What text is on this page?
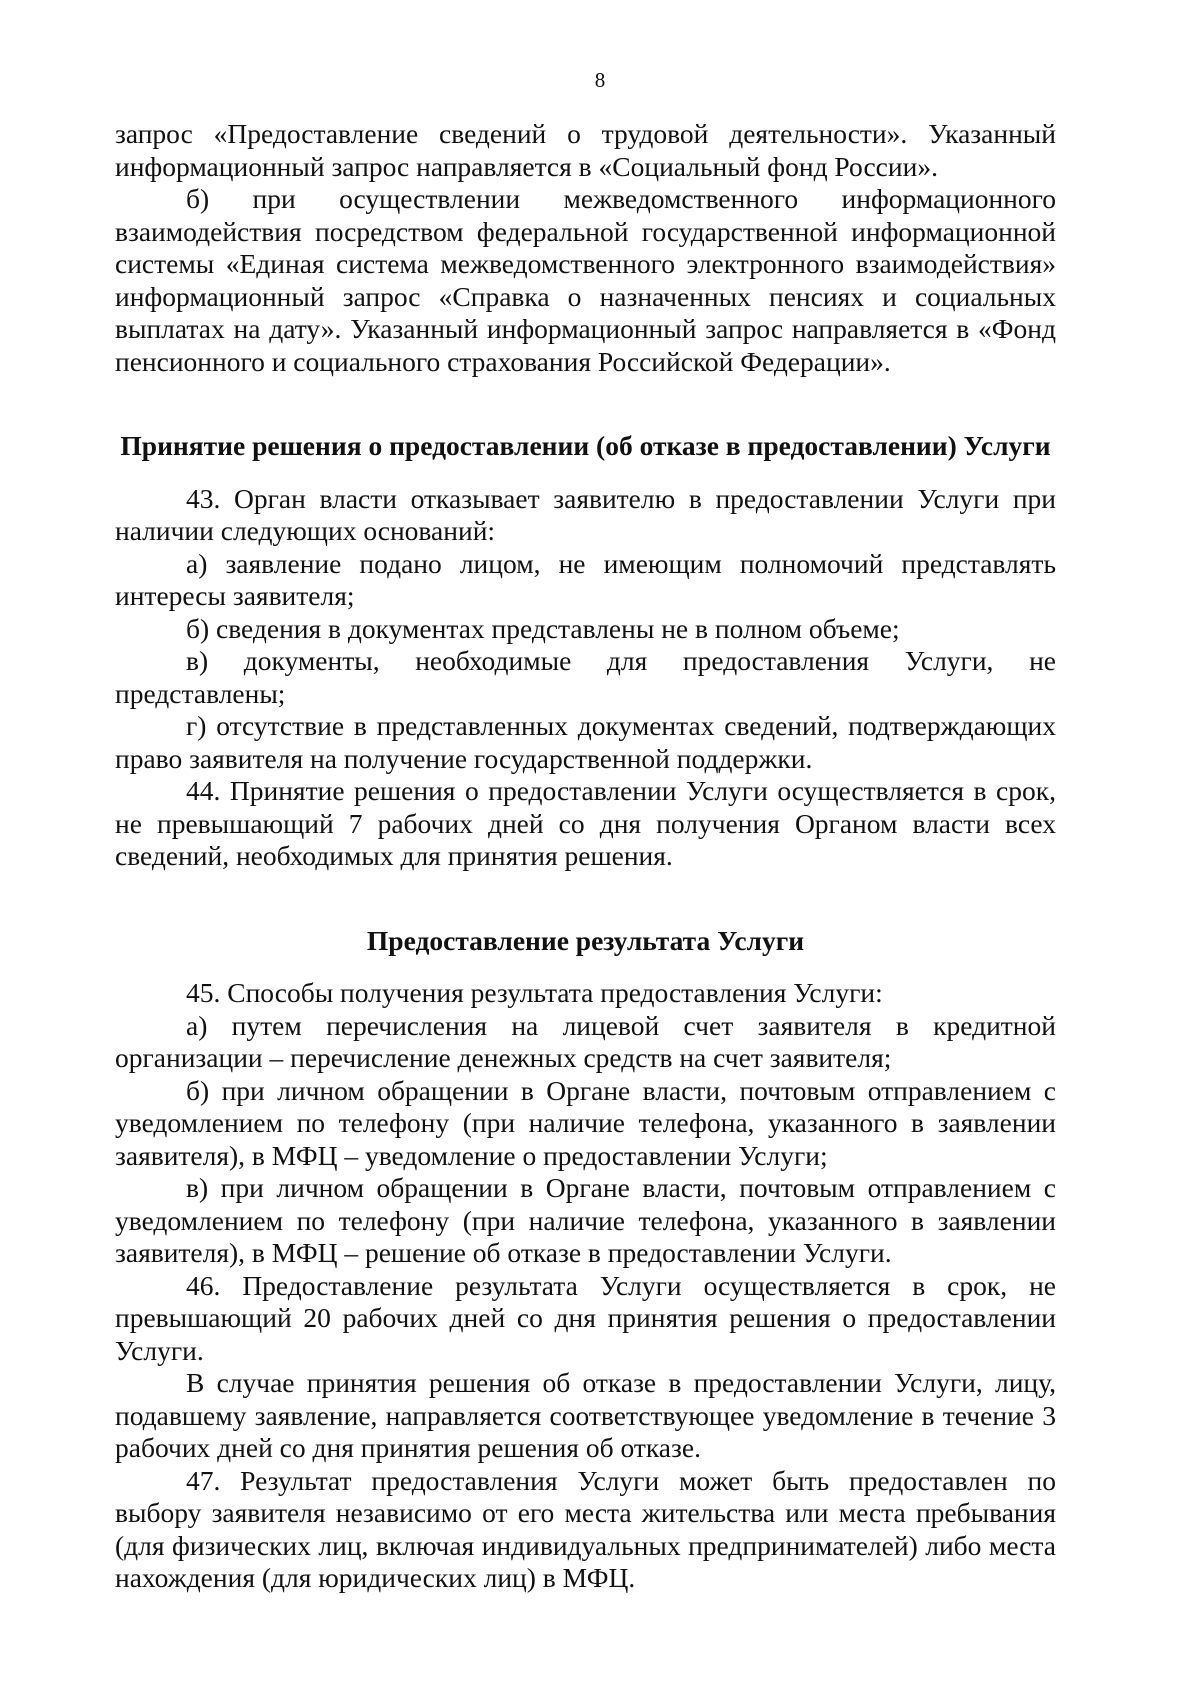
8

запрос «Предоставление сведений о трудовой деятельности». Указанный информационный запрос направляется в «Социальный фонд России».

б) при осуществлении межведомственного информационного взаимодействия посредством федеральной государственной информационной системы «Единая система межведомственного электронного взаимодействия» информационный запрос «Справка о назначенных пенсиях и социальных выплатах на дату». Указанный информационный запрос направляется в «Фонд пенсионного и социального страхования Российской Федерации».

Принятие решения о предоставлении (об отказе в предоставлении) Услуги

43. Орган власти отказывает заявителю в предоставлении Услуги при наличии следующих оснований:

а) заявление подано лицом, не имеющим полномочий представлять интересы заявителя;

б) сведения в документах представлены не в полном объеме;

в) документы, необходимые для предоставления Услуги, не представлены;

г) отсутствие в представленных документах сведений, подтверждающих право заявителя на получение государственной поддержки.

44. Принятие решения о предоставлении Услуги осуществляется в срок, не превышающий 7 рабочих дней со дня получения Органом власти всех сведений, необходимых для принятия решения.

Предоставление результата Услуги

45. Способы получения результата предоставления Услуги:

а) путем перечисления на лицевой счет заявителя в кредитной организации – перечисление денежных средств на счет заявителя;

б) при личном обращении в Органе власти, почтовым отправлением с уведомлением по телефону (при наличие телефона, указанного в заявлении заявителя), в МФЦ – уведомление о предоставлении Услуги;

в) при личном обращении в Органе власти, почтовым отправлением с уведомлением по телефону (при наличие телефона, указанного в заявлении заявителя), в МФЦ – решение об отказе в предоставлении Услуги.

46. Предоставление результата Услуги осуществляется в срок, не превышающий 20 рабочих дней со дня принятия решения о предоставлении Услуги.

В случае принятия решения об отказе в предоставлении Услуги, лицу, подавшему заявление, направляется соответствующее уведомление в течение 3 рабочих дней со дня принятия решения об отказе.

47. Результат предоставления Услуги может быть предоставлен по выбору заявителя независимо от его места жительства или места пребывания (для физических лиц, включая индивидуальных предпринимателей) либо места нахождения (для юридических лиц) в МФЦ.
